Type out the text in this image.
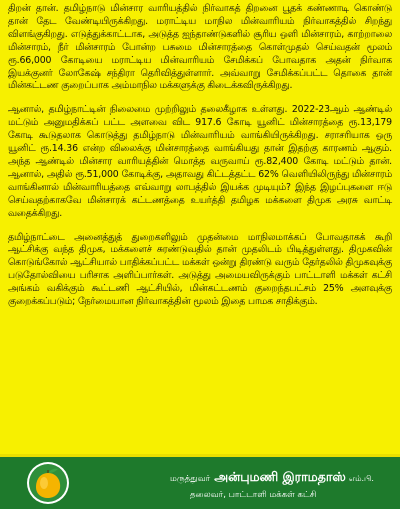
திறன் தான். தமிழ்நாடு மின்சார வாரியத்தில் நிர்வாகத் திறனை பூதக் கண்ணாடி கொண்டு தான் தேட வேண்டியிருக்கிறது. மராட்டிய மாநில மின்வாரியம் நிர்வாகத்தில் சிறந்து விளங்குகிறது. எடுத்துக்காட்டாக, அடுத்த ஐந்தாண்டுகளில் சூரிய ஒளி மின்சாரம், காற்றாலை மின்சாரம், நீர் மின்சாரம் போன்ற பசுமை மின்சாரத்தை கொள்முதல் செய்வதன் மூலம் ரூ.66,000 கோடியை மராட்டிய மின்வாரியம் சேமிக்கப் போவதாக அதன் நிர்வாக இயக்குனர் லோகேஷ் சந்திரா தெரிவித்துள்ளார். அவ்வாறு சேமிக்கப்பட்ட தொகை தான் மின்கட்டண குறைப்பாக அம்மாநில மக்களுக்கு கிடைக்கவிருக்கிறது.

ஆனால், தமிழ்நாட்டின் நிலைமை முற்றிலும் தலைகீழாக உள்ளது. 2022-23ஆம் ஆண்டில் மட்டும் அனுமதிக்கப் பட்ட அளவை விட 917.6 கோடி யூனிட் மின்சாரத்தை ரூ.13,179 கோடி கூடுதலாக கொடுத்து தமிழ்நாடு மின்வாரியம் வாங்கியிருக்கிறது. சராசரியாக ஒரு யூனிட் ரூ.14.36 என்ற விலைக்கு மின்சாரத்தை வாங்கியது தான் இதற்கு காரணம் ஆகும். அந்த ஆண்டில் மின்சார வாரியத்தின் மொத்த வருவாய் ரூ.82,400 கோடி மட்டும் தான். ஆனால், அதில் ரூ.51,000 கோடிக்கு, அதாவது கிட்டத்தட்ட 62% வெளியிலிருந்து மின்சாரம் வாங்கினால் மின்வாரியத்தை எவ்வாறு லாபத்தில் இயக்க முடியும்? இந்த இழப்புகளை ஈடு செய்வதற்காகவே மின்சாரக் கட்டணத்தை உயர்த்தி தமிழக மக்களை திமுக அரசு வாட்டி வதைக்கிறது.

தமிழ்நாட்டை அனைத்துத் துறைகளிலும் முதன்மை மாநிலமாக்கப் போவதாகக் கூறி ஆட்சிக்கு வந்த திமுக, மக்களைச் சுரண்டுவதில் தான் முதலிடம் பிடித்துள்ளது. திமுகவின் கொடுங்கோல் ஆட்சியால் பாதிக்கப்பட்ட மக்கள் ஒன்று திரண்டு வரும் தேர்தலில் திமுகவுக்கு படுதோல்வியை பரிசாக அளிப்பார்கள். அடுத்து அமையவிருக்கும் பாட்டாளி மக்கள் கட்சி அங்கம் வகிக்கும் கூட்டணி ஆட்சியில், மின்கட்டணம் குறைந்தபட்சம் 25% அளவுக்கு குறைக்கப்படும்; நேர்மையான நிர்வாகத்தின் மூலம் இதை பாமக சாதிக்கும்.

மருத்துவர் அன்புமணி இராமதாஸ் எம்.பி.
தலைவர், பாட்டாளி மக்கள் கட்சி
